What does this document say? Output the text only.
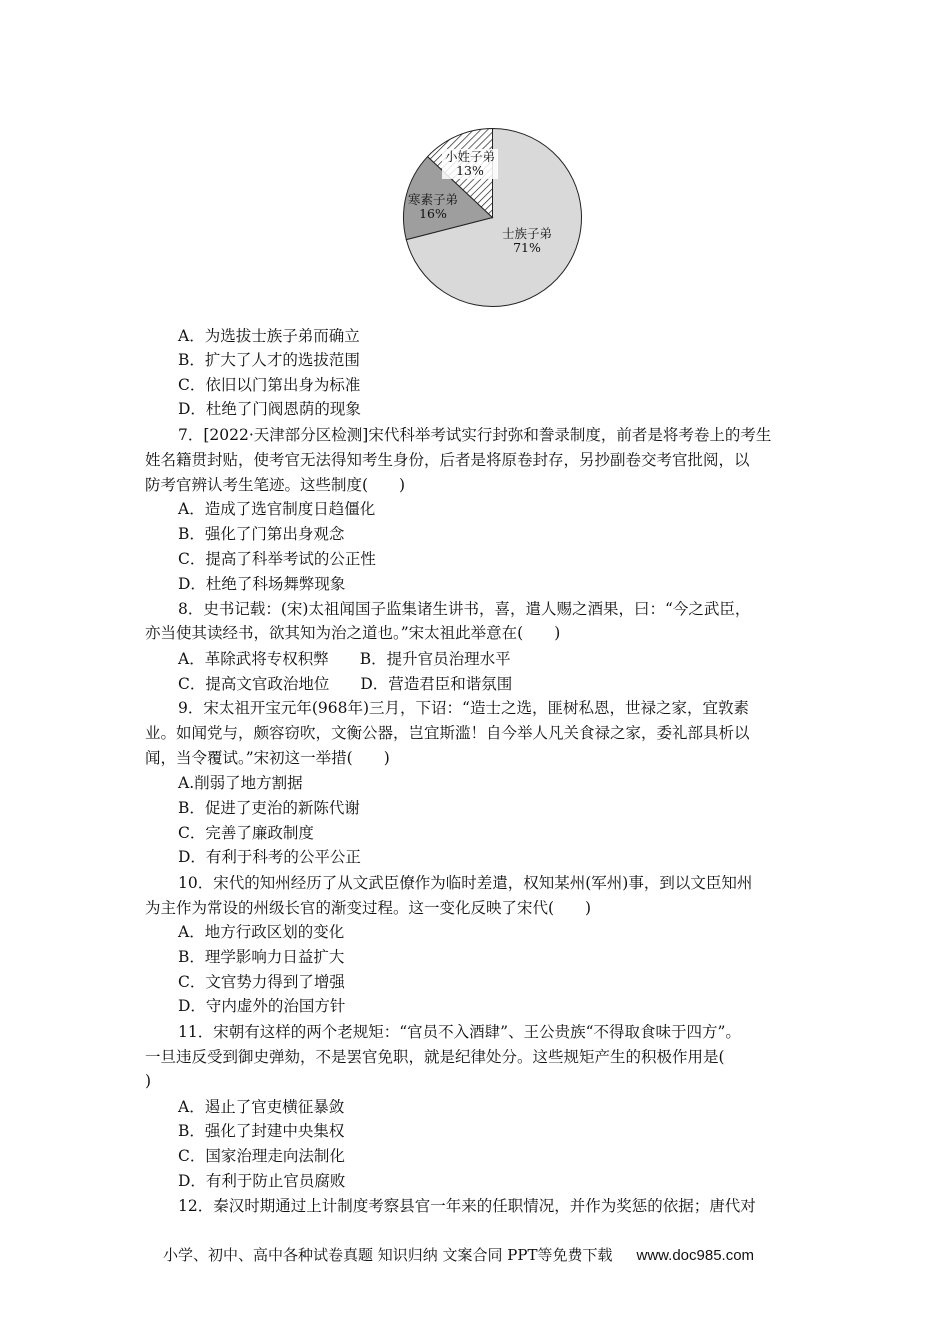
士族子弟
71%
寒素子弟
16%
小姓子弟
13%
A．为选拔士族子弟而确立
B．扩大了人才的选拔范围
C．依旧以门第出身为标准
D．杜绝了门阀恩荫的现象
7．[2022·天津部分区检测]宋代科举考试实行封弥和誊录制度，前者是将考卷上的考生
姓名籍贯封贴，使考官无法得知考生身份，后者是将原卷封存，另抄副卷交考官批阅，以
防考官辨认考生笔迹。这些制度(　　)
A．造成了选官制度日趋僵化
B．强化了门第出身观念
C．提高了科举考试的公正性
D．杜绝了科场舞弊现象
8．史书记载：(宋)太祖闻国子监集诸生讲书，喜，遣人赐之酒果，曰：“今之武臣，
亦当使其读经书，欲其知为治之道也。”宋太祖此举意在(　　)
A．革除武将专权积弊　　B．提升官员治理水平
C．提高文官政治地位　　D．营造君臣和谐氛围
9．宋太祖开宝元年(968年)三月，下诏：“造士之选，匪树私恩，世禄之家，宜敦素
业。如闻党与，颇容窃吹，文衡公器，岂宜斯滥！自今举人凡关食禄之家，委礼部具析以
闻，当令覆试。”宋初这一举措(　　)
A.削弱了地方割据
B．促进了吏治的新陈代谢
C．完善了廉政制度
D．有利于科考的公平公正
10．宋代的知州经历了从文武臣僚作为临时差遣，权知某州(军州)事，到以文臣知州
为主作为常设的州级长官的渐变过程。这一变化反映了宋代(　　)
A．地方行政区划的变化
B．理学影响力日益扩大
C．文官势力得到了增强
D．守内虚外的治国方针
11．宋朝有这样的两个老规矩：“官员不入酒肆”、王公贵族“不得取食味于四方”。
一旦违反受到御史弹劾，不是罢官免职，就是纪律处分。这些规矩产生的积极作用是(
)
A．遏止了官吏横征暴敛
B．强化了封建中央集权
C．国家治理走向法制化
D．有利于防止官员腐败
12．秦汉时期通过上计制度考察县官一年来的任职情况，并作为奖惩的依据；唐代对
小学、初中、高中各种试卷真题 知识归纳 文案合同 PPT等免费下载 www.doc985.com
